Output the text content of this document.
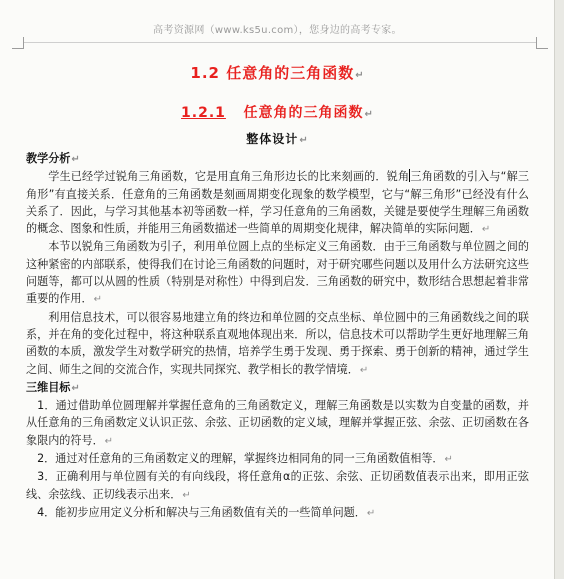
高考资源网（www.ks5u.com），您身边的高考专家。
1.2 任意角的三角函数↵
1.2.1   任意角的三角函数↵
整体设计↵

教学分析↵

学生已经学过锐角三角函数，它是用直角三角形边长的比来刻画的．锐角三角函数的引入与“解三角形”有直接关系．任意角的三角函数是刻画周期变化现象的数学模型，它与“解三角形”已经没有什么关系了．因此，与学习其他基本初等函数一样，学习任意角的三角函数，关键是要使学生理解三角函数的概念、图象和性质，并能用三角函数描述一些简单的周期变化规律，解决简单的实际问题．↵

本节以锐角三角函数为引子，利用单位圆上点的坐标定义三角函数．由于三角函数与单位圆之间的这种紧密的内部联系，使得我们在讨论三角函数的问题时，对于研究哪些问题以及用什么方法研究这些问题等，都可以从圆的性质（特别是对称性）中得到启发．三角函数的研究中，数形结合思想起着非常重要的作用．↵

利用信息技术，可以很容易地建立角的终边和单位圆的交点坐标、单位圆中的三角函数线之间的联系，并在角的变化过程中，将这种联系直观地体现出来．所以，信息技术可以帮助学生更好地理解三角函数的本质，激发学生对数学研究的热情，培养学生勇于发现、勇于探索、勇于创新的精神，通过学生之间、师生之间的交流合作，实现共同探究、教学相长的教学情境．↵

三维目标↵

1．通过借助单位圆理解并掌握任意角的三角函数定义，理解三角函数是以实数为自变量的函数，并从任意角的三角函数定义认识正弦、余弦、正切函数的定义域，理解并掌握正弦、余弦、正切函数在各象限内的符号．↵

2．通过对任意角的三角函数定义的理解，掌握终边相同角的同一三角函数值相等．↵

3．正确利用与单位圆有关的有向线段，将任意角α的正弦、余弦、正切函数值表示出来，即用正弦线、余弦线、正切线表示出来．↵

4．能初步应用定义分析和解决与三角函数值有关的一些简单问题．↵
